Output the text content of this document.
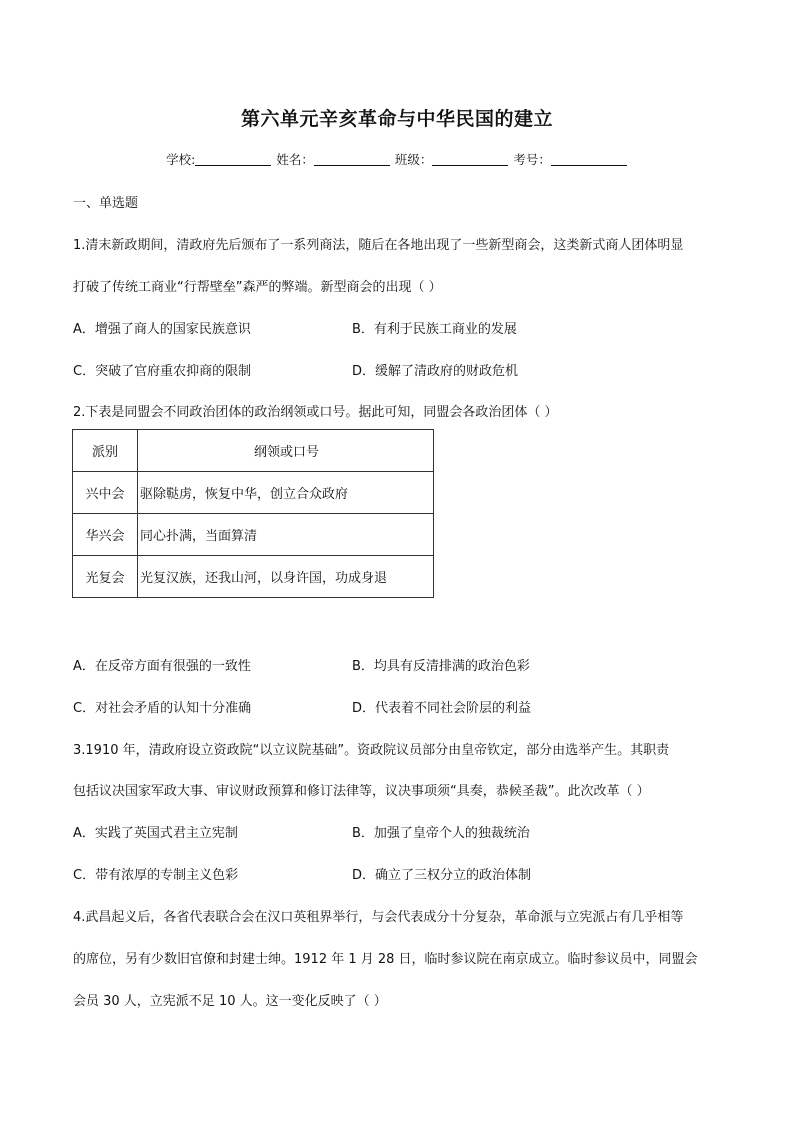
第六单元辛亥革命与中华民国的建立
学校:	姓名：	班级：	考号：
一、单选题
1.清末新政期间，清政府先后颁布了一系列商法，随后在各地出现了一些新型商会，这类新式商人团体明显
打破了传统工商业“行帮壁垒”森严的弊端。新型商会的出现（ ）
A．增强了商人的国家民族意识	B．有利于民族工商业的发展
C．突破了官府重农抑商的限制	D．缓解了清政府的财政危机
2.下表是同盟会不同政治团体的政治纲领或口号。据此可知，同盟会各政治团体（ ）
派别	纲领或口号
兴中会	驱除鞑虏，恢复中华，创立合众政府
华兴会	同心扑满，当面算清
光复会	光复汉族，还我山河，以身许国，功成身退
A．在反帝方面有很强的一致性	B．均具有反清排满的政治色彩
C．对社会矛盾的认知十分准确	D．代表着不同社会阶层的利益
3.1910 年，清政府设立资政院“以立议院基础”。资政院议员部分由皇帝钦定，部分由选举产生。其职责
包括议决国家军政大事、审议财政预算和修订法律等，议决事项须“具奏，恭候圣裁”。此次改革（ ）
A．实践了英国式君主立宪制	B．加强了皇帝个人的独裁统治
C．带有浓厚的专制主义色彩	D．确立了三权分立的政治体制
4.武昌起义后，各省代表联合会在汉口英租界举行，与会代表成分十分复杂，革命派与立宪派占有几乎相等
的席位，另有少数旧官僚和封建士绅。1912 年 1 月 28 日，临时参议院在南京成立。临时参议员中，同盟会
会员 30 人，立宪派不足 10 人。这一变化反映了（ ）
